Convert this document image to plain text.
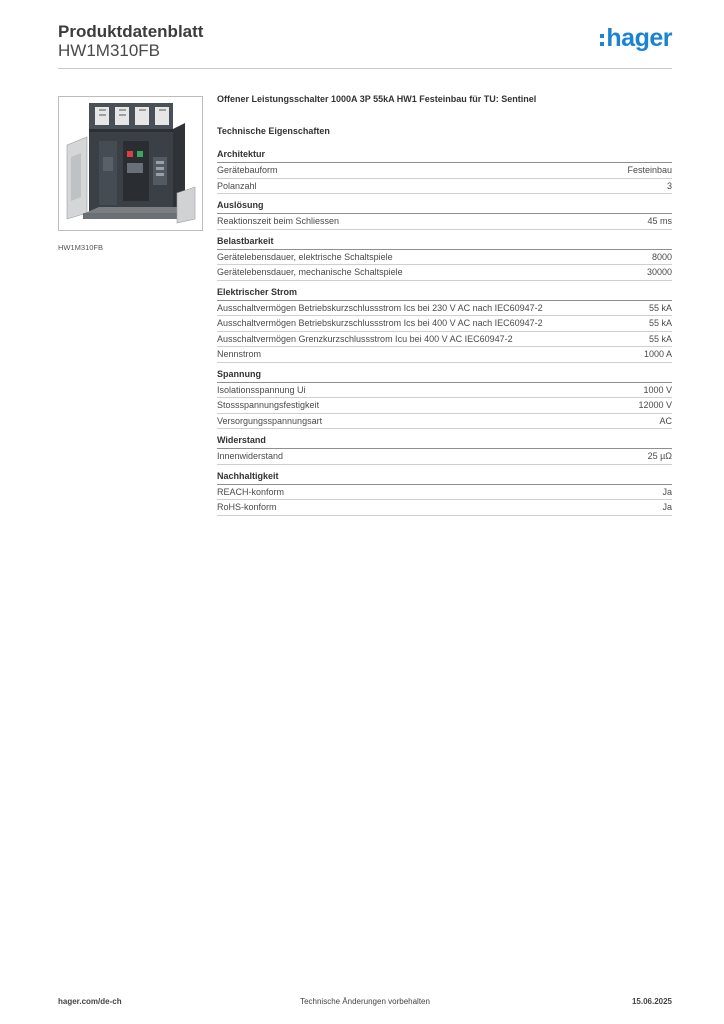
Produktdatenblatt
HW1M310FB	hager
HW1M310FB
Offener Leistungsschalter 1000A 3P 55kA HW1 Festeinbau für TU: Sentinel
Technische Eigenschaften
Architektur
Gerätebauform	Festeinbau
Polanzahl	3
Auslösung
Reaktionszeit beim Schliessen	45 ms
Belastbarkeit
Gerätelebensdauer, elektrische Schaltspiele	8000
Gerätelebensdauer, mechanische Schaltspiele	30000
Elektrischer Strom
Ausschaltvermögen Betriebskurzschlussstrom Ics bei 230 V AC nach IEC60947-2	55 kA
Ausschaltvermögen Betriebskurzschlussstrom Ics bei 400 V AC nach IEC60947-2	55 kA
Ausschaltvermögen Grenzkurzschlussstrom Icu bei 400 V AC IEC60947-2	55 kA
Nennstrom	1000 A
Spannung
Isolationsspannung Ui	1000 V
Stossspannungsfestigkeit	12000 V
Versorgungsspannungsart	AC
Widerstand
Innenwiderstand	25 µΩ
Nachhaltigkeit
REACH-konform	Ja
RoHS-konform	Ja
hager.com/de-ch	Technische Änderungen vorbehalten	15.06.2025
